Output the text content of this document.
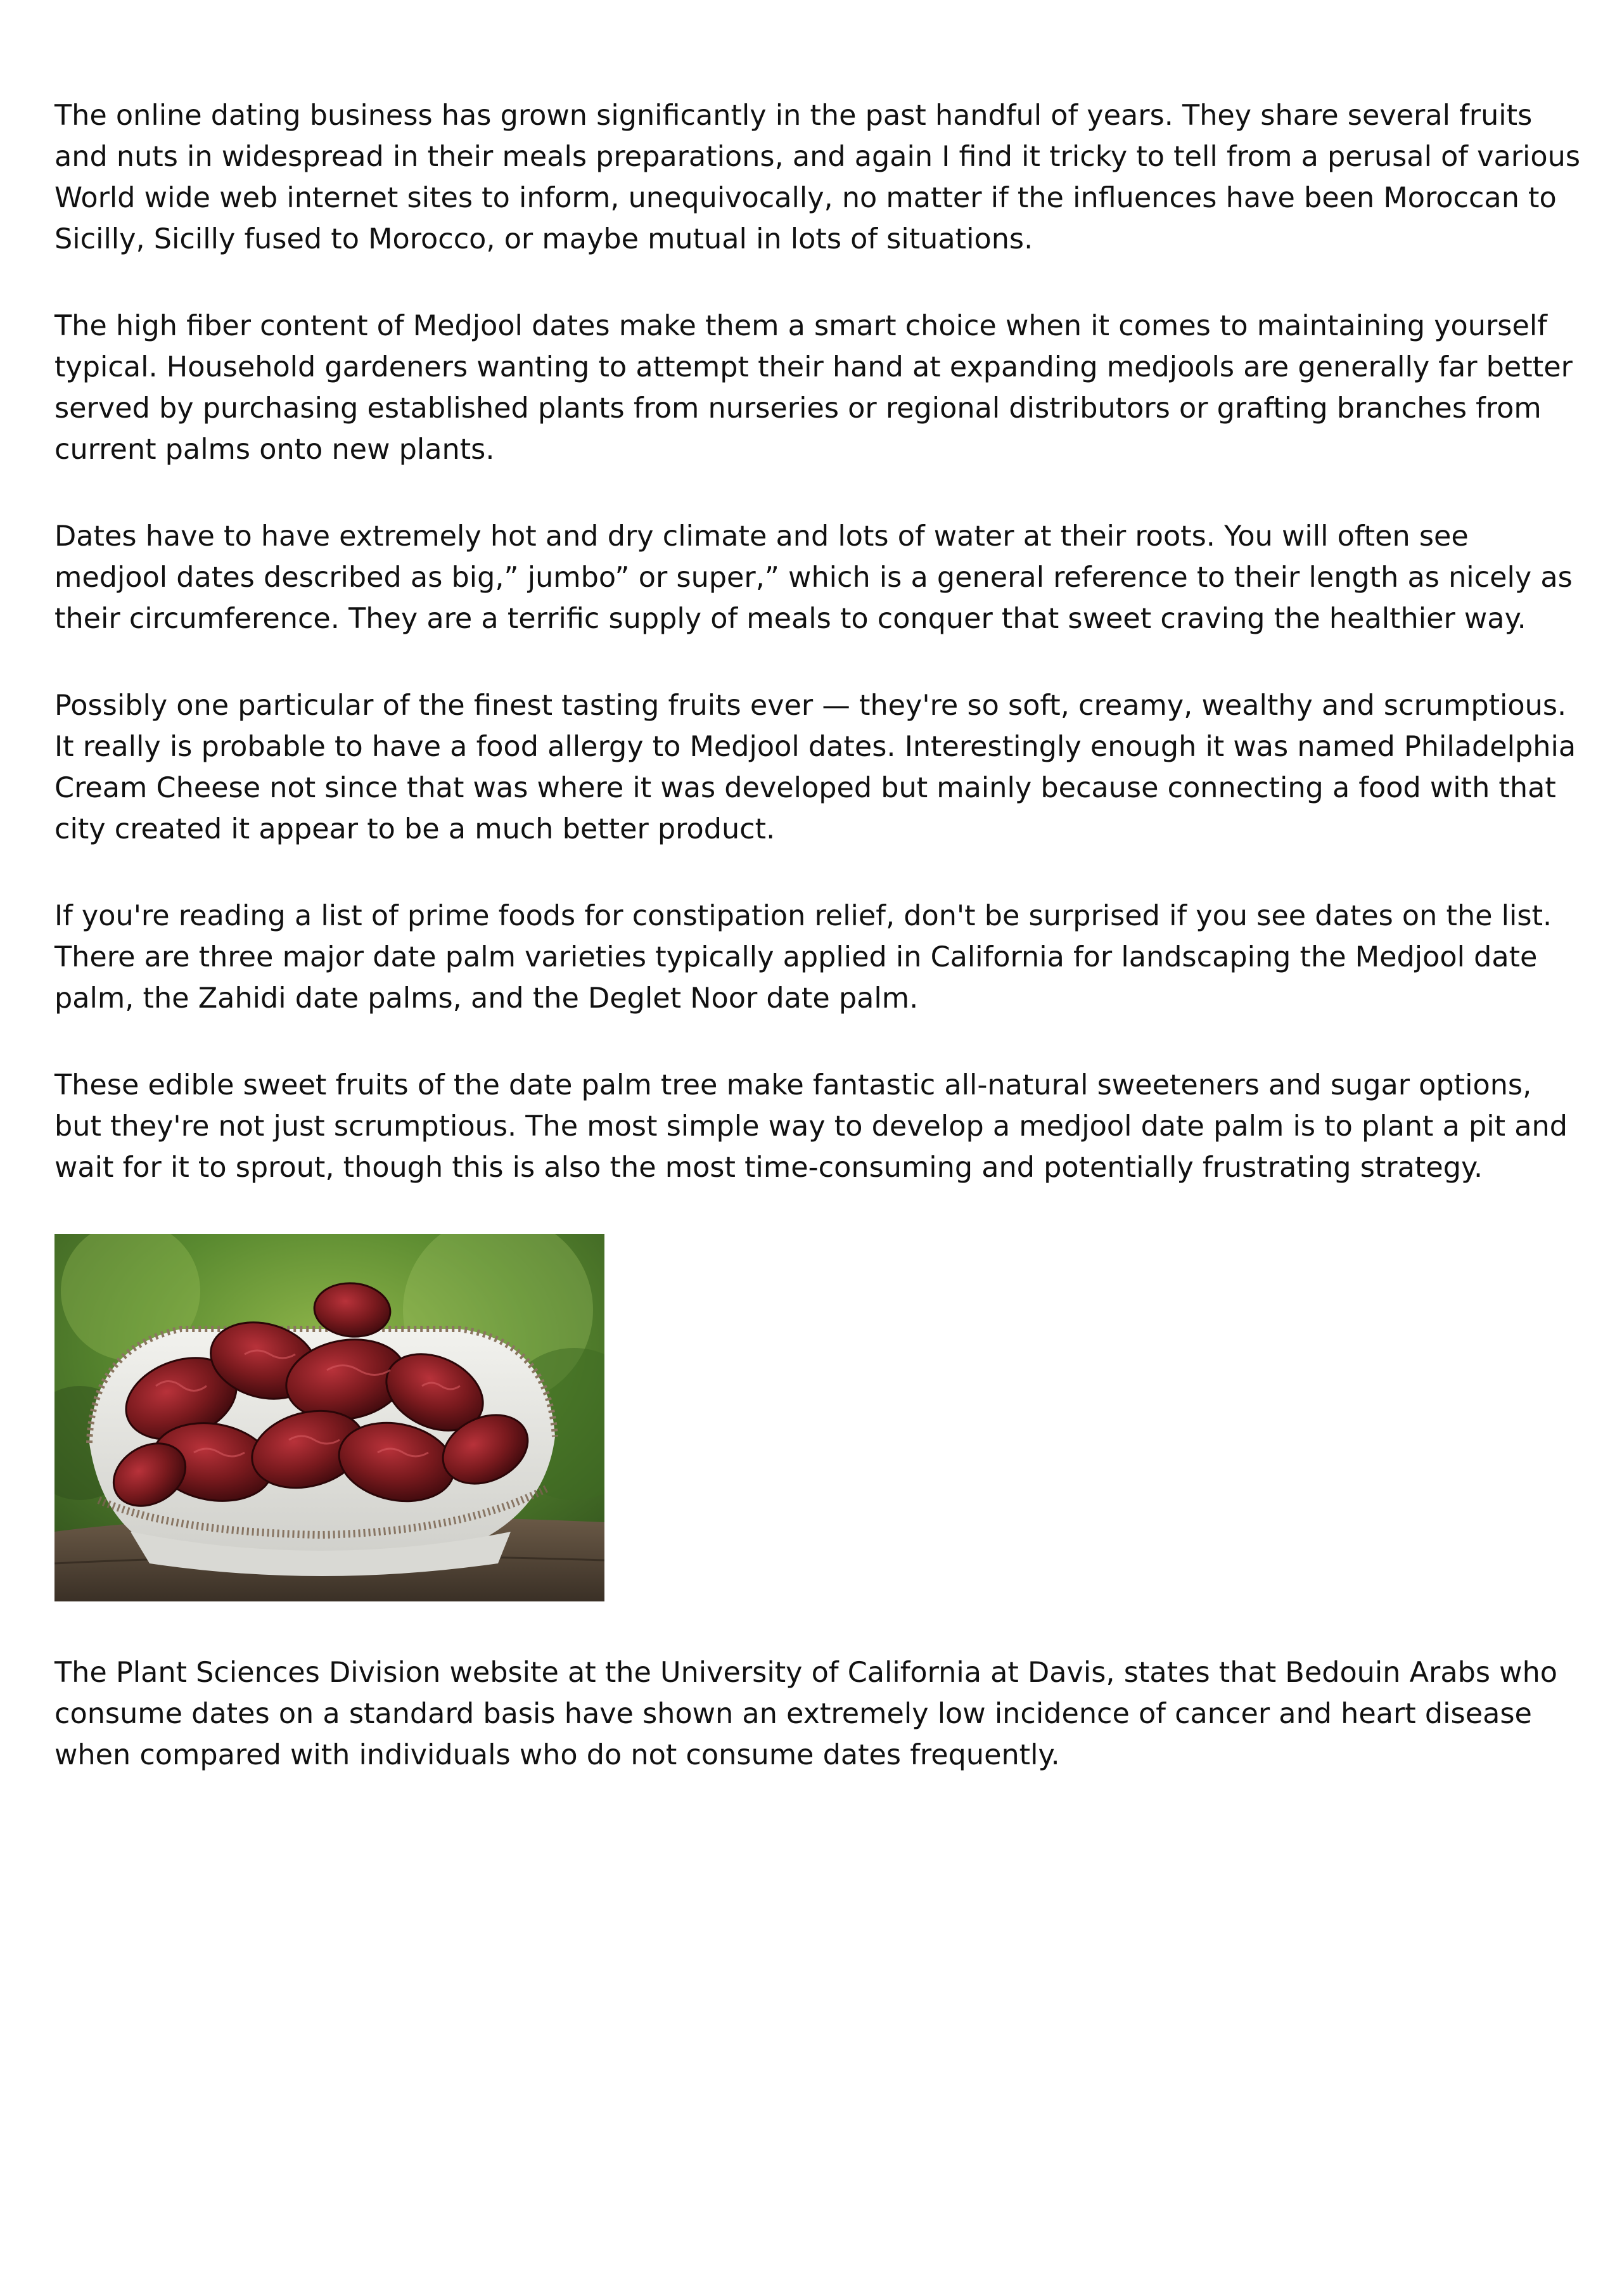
The online dating business has grown significantly in the past handful of years. They share several fruits and nuts in widespread in their meals preparations, and again I find it tricky to tell from a perusal of various World wide web internet sites to inform, unequivocally, no matter if the influences have been Moroccan to Sicilly, Sicilly fused to Morocco, or maybe mutual in lots of situations.

The high fiber content of Medjool dates make them a smart choice when it comes to maintaining yourself typical. Household gardeners wanting to attempt their hand at expanding medjools are generally far better served by purchasing established plants from nurseries or regional distributors or grafting branches from current palms onto new plants.

Dates have to have extremely hot and dry climate and lots of water at their roots. You will often see medjool dates described as big,” jumbo” or super,” which is a general reference to their length as nicely as their circumference. They are a terrific supply of meals to conquer that sweet craving the healthier way.

Possibly one particular of the finest tasting fruits ever — they're so soft, creamy, wealthy and scrumptious. It really is probable to have a food allergy to Medjool dates. Interestingly enough it was named Philadelphia Cream Cheese not since that was where it was developed but mainly because connecting a food with that city created it appear to be a much better product.

If you're reading a list of prime foods for constipation relief, don't be surprised if you see dates on the list. There are three major date palm varieties typically applied in California for landscaping the Medjool date palm, the Zahidi date palms, and the Deglet Noor date palm.

These edible sweet fruits of the date palm tree make fantastic all-natural sweeteners and sugar options, but they're not just scrumptious. The most simple way to develop a medjool date palm is to plant a pit and wait for it to sprout, though this is also the most time-consuming and potentially frustrating strategy.

The Plant Sciences Division website at the University of California at Davis, states that Bedouin Arabs who consume dates on a standard basis have shown an extremely low incidence of cancer and heart disease when compared with individuals who do not consume dates frequently.
